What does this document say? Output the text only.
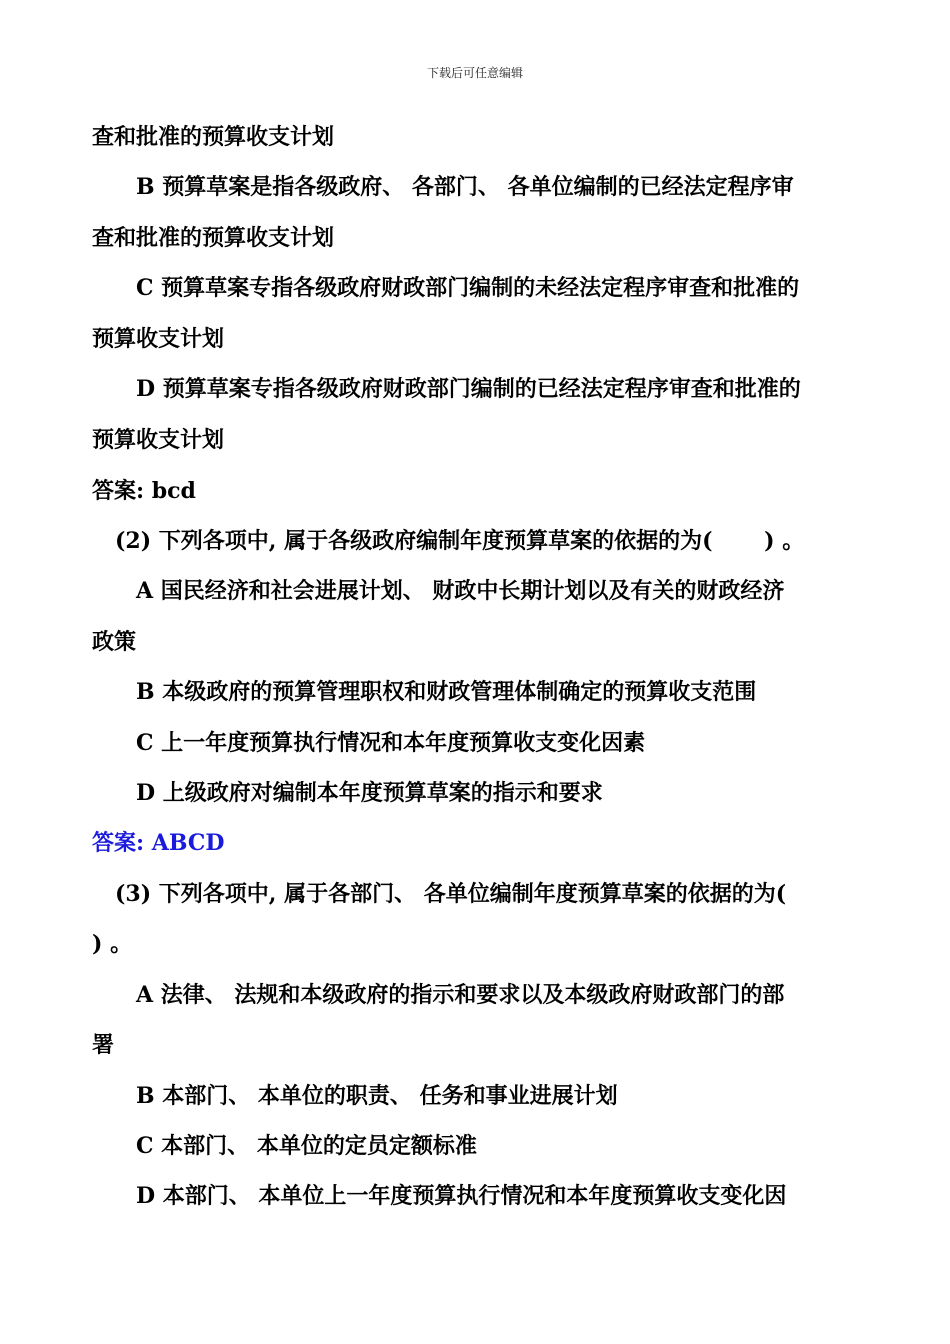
下载后可任意编辑
查和批准的预算收支计划
B 预算草案是指各级政府、 各部门、 各单位编制的已经法定程序审
查和批准的预算收支计划
C 预算草案专指各级政府财政部门编制的未经法定程序审查和批准的
预算收支计划
D 预算草案专指各级政府财政部门编制的已经法定程序审查和批准的
预算收支计划
答案: bcd
(2) 下列各项中, 属于各级政府编制年度预算草案的依据的为(　　 ) 。
A 国民经济和社会进展计划、 财政中长期计划以及有关的财政经济
政策
B 本级政府的预算管理职权和财政管理体制确定的预算收支范围
C 上一年度预算执行情况和本年度预算收支变化因素
D 上级政府对编制本年度预算草案的指示和要求
答案: ABCD
(3) 下列各项中, 属于各部门、 各单位编制年度预算草案的依据的为(
) 。
A 法律、 法规和本级政府的指示和要求以及本级政府财政部门的部
署
B 本部门、 本单位的职责、 任务和事业进展计划
C 本部门、 本单位的定员定额标准
D 本部门、 本单位上一年度预算执行情况和本年度预算收支变化因
